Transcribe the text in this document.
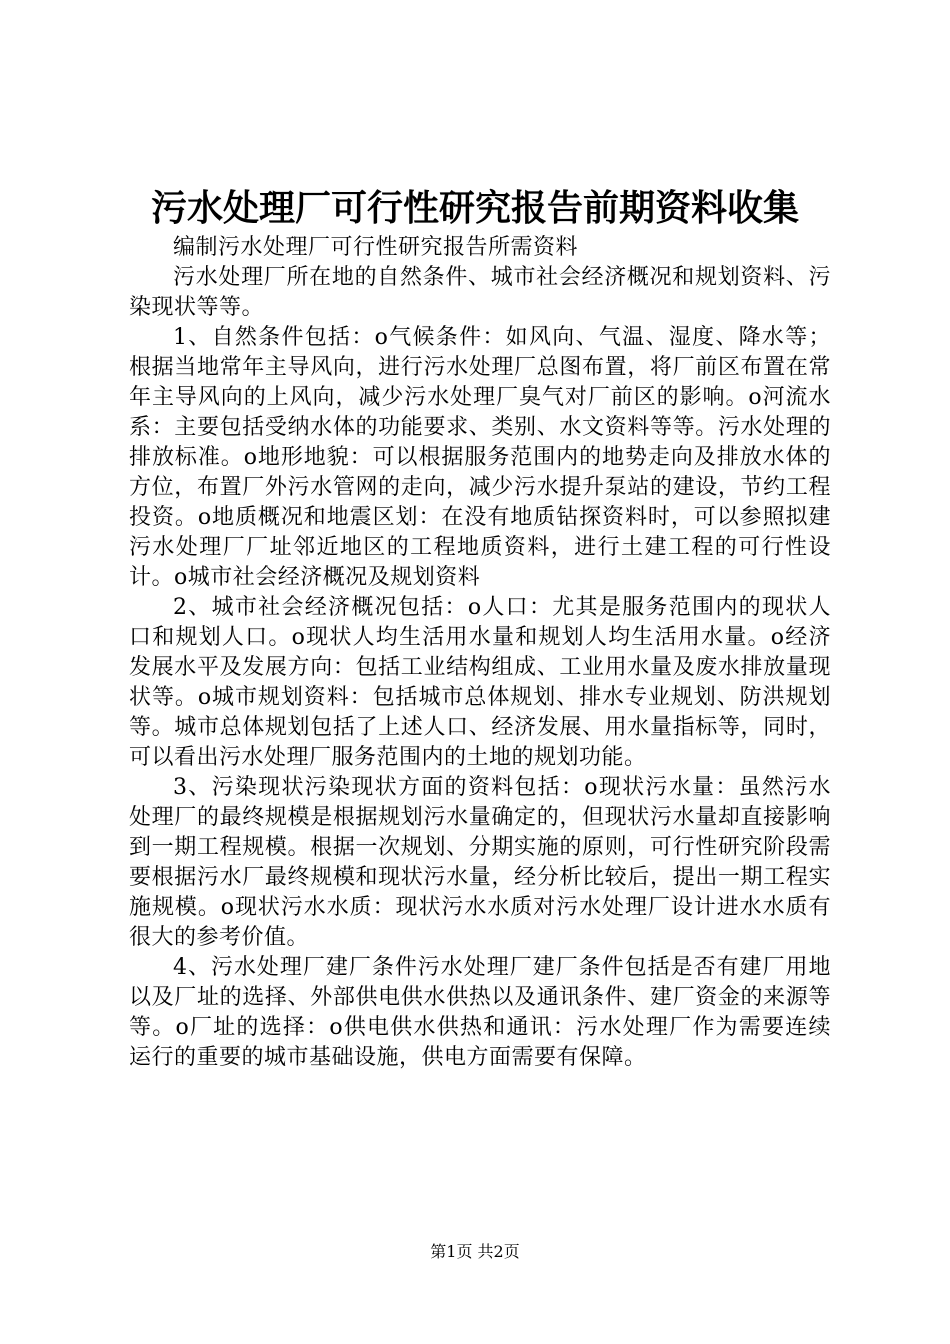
污水处理厂可行性研究报告前期资料收集

编制污水处理厂可行性研究报告所需资料

污水处理厂所在地的自然条件、城市社会经济概况和规划资料、污染现状等等。

1、自然条件包括：o气候条件：如风向、气温、湿度、降水等；根据当地常年主导风向，进行污水处理厂总图布置，将厂前区布置在常年主导风向的上风向，减少污水处理厂臭气对厂前区的影响。o河流水系：主要包括受纳水体的功能要求、类别、水文资料等等。污水处理的排放标准。o地形地貌：可以根据服务范围内的地势走向及排放水体的方位，布置厂外污水管网的走向，减少污水提升泵站的建设，节约工程投资。o地质概况和地震区划：在没有地质钻探资料时，可以参照拟建污水处理厂厂址邻近地区的工程地质资料，进行土建工程的可行性设计。o城市社会经济概况及规划资料

2、城市社会经济概况包括：o人口：尤其是服务范围内的现状人口和规划人口。o现状人均生活用水量和规划人均生活用水量。o经济发展水平及发展方向：包括工业结构组成、工业用水量及废水排放量现状等。o城市规划资料：包括城市总体规划、排水专业规划、防洪规划等。城市总体规划包括了上述人口、经济发展、用水量指标等，同时，可以看出污水处理厂服务范围内的土地的规划功能。

3、污染现状污染现状方面的资料包括：o现状污水量：虽然污水处理厂的最终规模是根据规划污水量确定的，但现状污水量却直接影响到一期工程规模。根据一次规划、分期实施的原则，可行性研究阶段需要根据污水厂最终规模和现状污水量，经分析比较后，提出一期工程实施规模。o现状污水水质：现状污水水质对污水处理厂设计进水水质有很大的参考价值。

4、污水处理厂建厂条件污水处理厂建厂条件包括是否有建厂用地以及厂址的选择、外部供电供水供热以及通讯条件、建厂资金的来源等等。o厂址的选择：o供电供水供热和通讯：污水处理厂作为需要连续运行的重要的城市基础设施，供电方面需要有保障。

第1页 共2页
